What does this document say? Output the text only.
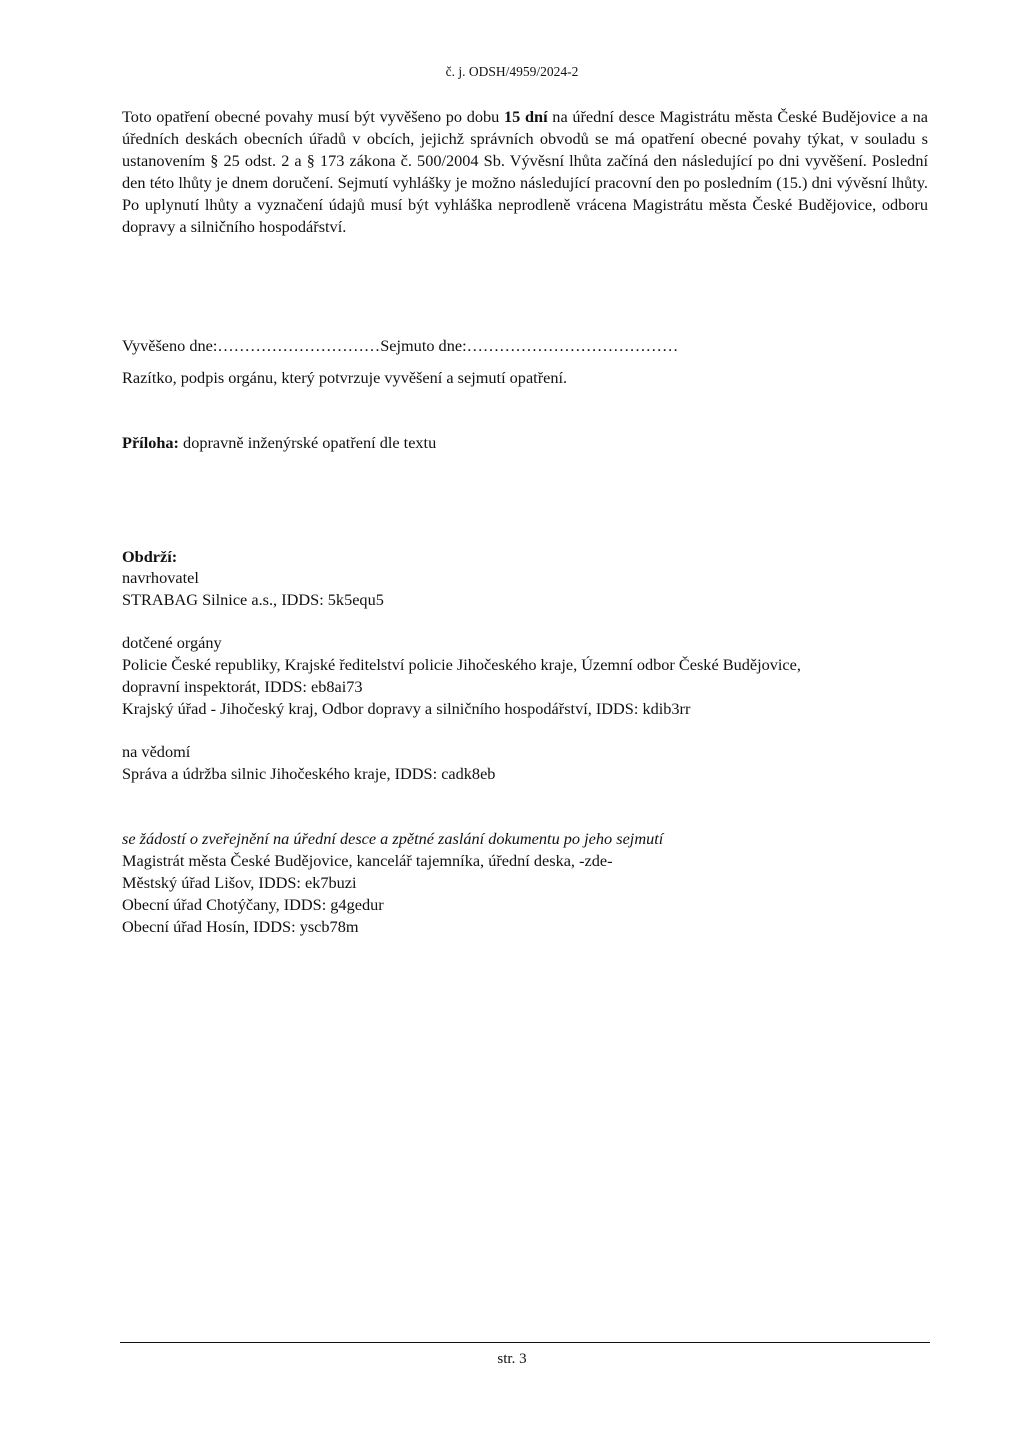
č. j. ODSH/4959/2024-2

Toto opatření obecné povahy musí být vyvěšeno po dobu 15 dní na úřední desce Magistrátu města České Budějovice a na úředních deskách obecních úřadů v obcích, jejichž správních obvodů se má opatření obecné povahy týkat, v souladu s ustanovením § 25 odst. 2 a § 173 zákona č. 500/2004 Sb. Vývěsní lhůta začíná den následující po dni vyvěšení. Poslední den této lhůty je dnem doručení. Sejmutí vyhlášky je možno následující pracovní den po posledním (15.) dni vývěsní lhůty. Po uplynutí lhůty a vyznačení údajů musí být vyhláška neprodleně vrácena Magistrátu města České Budějovice, odboru dopravy a silničního hospodářství.

Vyvěšeno dne:…………………………Sejmuto dne:…………………………………
Razítko, podpis orgánu, který potvrzuje vyvěšení a sejmutí opatření.
Příloha: dopravně inženýrské opatření dle textu
Obdrží:
navrhovatel
STRABAG Silnice a.s., IDDS: 5k5equ5
dotčené orgány
Policie České republiky, Krajské ředitelství policie Jihočeského kraje, Územní odbor České Budějovice,
dopravní inspektorát, IDDS: eb8ai73
Krajský úřad - Jihočeský kraj, Odbor dopravy a silničního hospodářství, IDDS: kdib3rr
na vědomí
Správa a údržba silnic Jihočeského kraje, IDDS: cadk8eb
se žádostí o zveřejnění na úřední desce a zpětné zaslání dokumentu po jeho sejmutí
Magistrát města České Budějovice, kancelář tajemníka, úřední deska, -zde-
Městský úřad Lišov, IDDS: ek7buzi
Obecní úřad Chotýčany, IDDS: g4gedur
Obecní úřad Hosín, IDDS: yscb78m
str. 3
